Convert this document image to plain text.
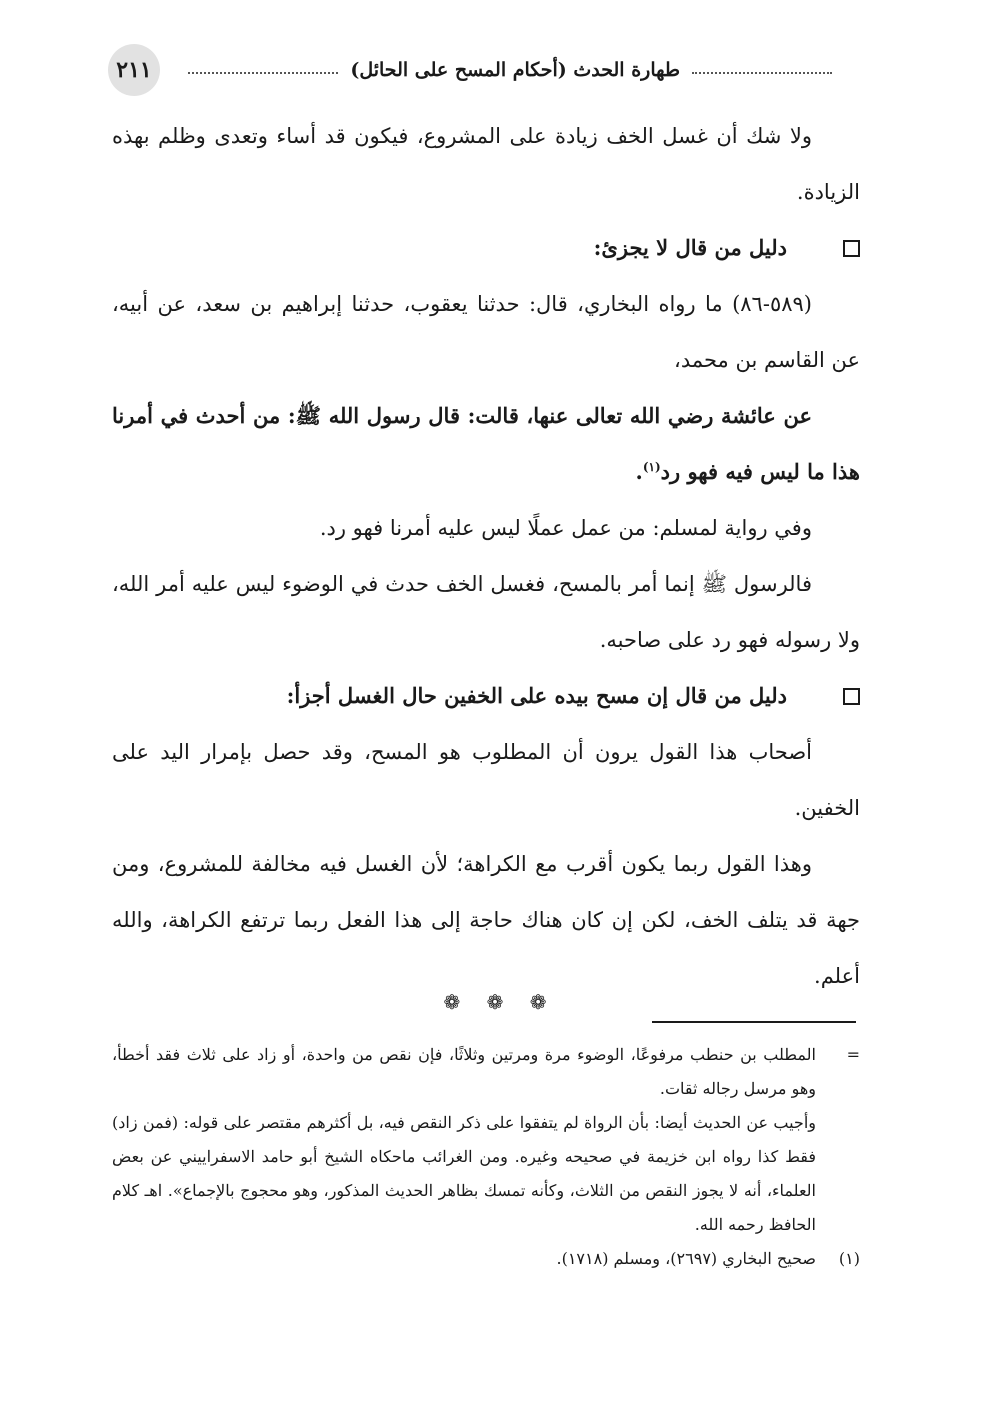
٢١١	طهارة الحدث (أحكام المسح على الحائل)

ولا شك أن غسل الخف زيادة على المشروع، فيكون قد أساء وتعدى وظلم بهذه الزيادة.

دليل من قال لا يجزئ:

(٥٨٩-٨٦) ما رواه البخاري، قال: حدثنا يعقوب، حدثنا إبراهيم بن سعد، عن أبيه، عن القاسم بن محمد،

عن عائشة رضي الله تعالى عنها، قالت: قال رسول الله ﷺ: من أحدث في أمرنا هذا ما ليس فيه فهو رد$^{(١)}$.

وفي رواية لمسلم: من عمل عملًا ليس عليه أمرنا فهو رد.

فالرسول ﷺ إنما أمر بالمسح، فغسل الخف حدث في الوضوء ليس عليه أمر الله، ولا رسوله فهو رد على صاحبه.

دليل من قال إن مسح بيده على الخفين حال الغسل أجزأ:

أصحاب هذا القول يرون أن المطلوب هو المسح، وقد حصل بإمرار اليد على الخفين.

وهذا القول ربما يكون أقرب مع الكراهة؛ لأن الغسل فيه مخالفة للمشروع، ومن جهة قد يتلف الخف، لكن إن كان هناك حاجة إلى هذا الفعل ربما ترتفع الكراهة، والله أعلم.

❁ ❁ ❁
=

المطلب بن حنطب مرفوعًا، الوضوء مرة ومرتين وثلاثًا، فإن نقص من واحدة، أو زاد على ثلاث فقد أخطأ، وهو مرسل رجاله ثقات.

وأجيب عن الحديث أيضا: بأن الرواة لم يتفقوا على ذكر النقص فيه، بل أكثرهم مقتصر على قوله: (فمن زاد) فقط كذا رواه ابن خزيمة في صحيحه وغيره. ومن الغرائب ماحكاه الشيخ أبو حامد الاسفراييني عن بعض العلماء، أنه لا يجوز النقص من الثلاث، وكأنه تمسك بظاهر الحديث المذكور، وهو محجوج بالإجماع». اهـ كلام الحافظ رحمه الله.

(١)
صحيح البخاري (٢٦٩٧)، ومسلم (١٧١٨).
